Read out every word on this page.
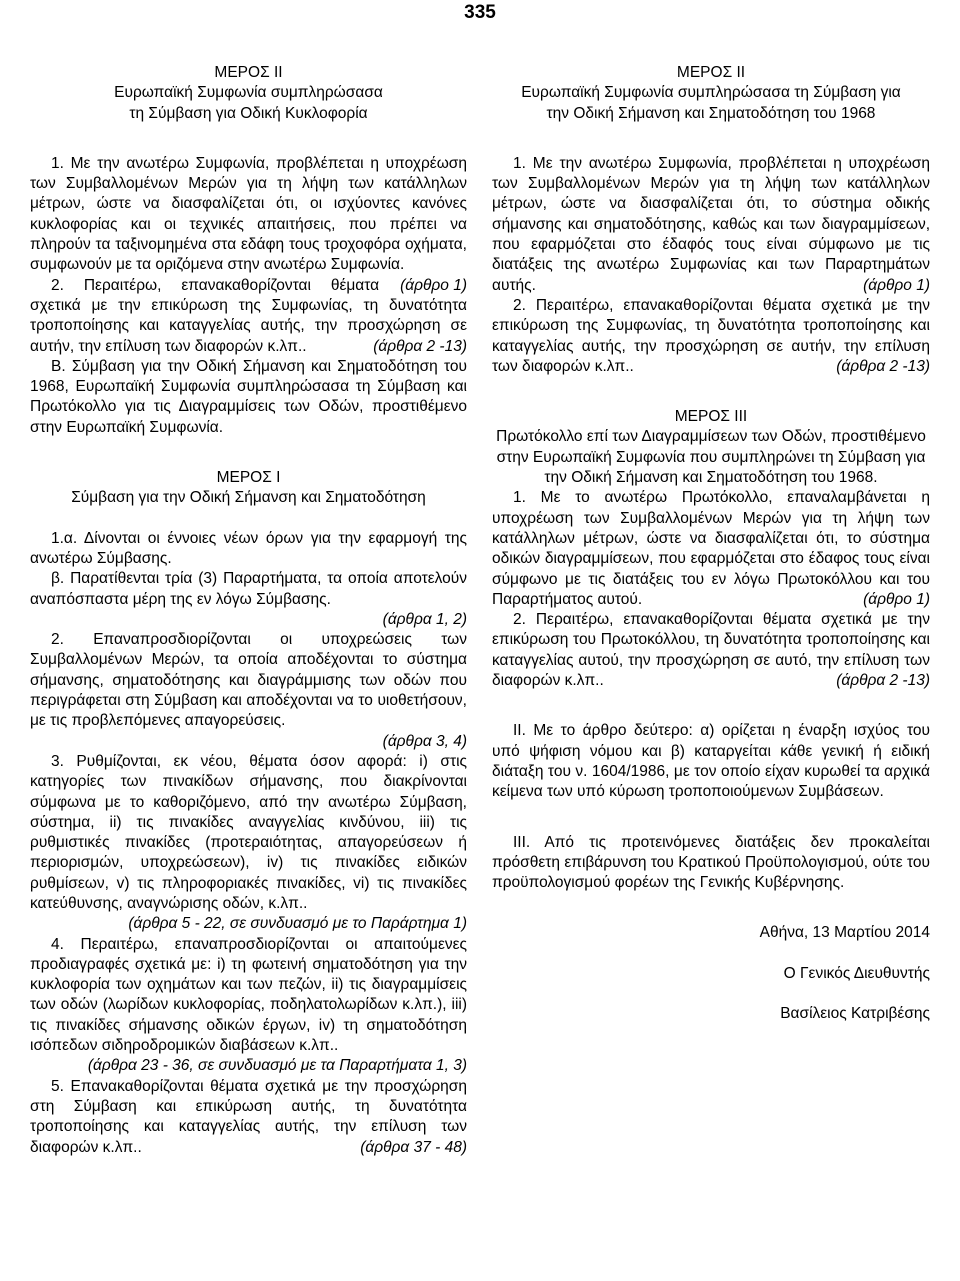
335
ΜΕΡΟΣ ΙΙ
Ευρωπαϊκή Συμφωνία συμπληρώσασα
τη Σύμβαση για Οδική Κυκλοφορία

1. Με την ανωτέρω Συμφωνία, προβλέπεται η υποχρέωση των Συμβαλλομένων Μερών για τη λήψη των κατάλληλων μέτρων, ώστε να διασφαλίζεται ότι, οι ισχύοντες κανόνες κυκλοφορίας και οι τεχνικές απαιτήσεις, που πρέπει να πληρούν τα ταξινομημένα στα εδάφη τους τροχοφόρα οχήματα, συμφωνούν με τα οριζόμενα στην ανωτέρω Συμφωνία.
(άρθρο 1)

2. Περαιτέρω, επανακαθορίζονται θέματα σχετικά με την επικύρωση της Συμφωνίας, τη δυνατότητα τροποποίησης και καταγγελίας αυτής, την προσχώρηση σε αυτήν, την επίλυση των διαφορών κ.λπ..	(άρθρα 2 -13)

Β. Σύμβαση για την Οδική Σήμανση και Σηματοδότηση του 1968, Ευρωπαϊκή Συμφωνία συμπληρώσασα τη Σύμβαση και Πρωτόκολλο για τις Διαγραμμίσεις των Οδών, προστιθέμενο στην Ευρωπαϊκή Συμφωνία.

ΜΕΡΟΣ Ι
Σύμβαση για την Οδική Σήμανση και Σηματοδότηση

1.α. Δίνονται οι έννοιες νέων όρων για την εφαρμογή της ανωτέρω Σύμβασης.

β. Παρατίθενται τρία (3) Παραρτήματα, τα οποία αποτελούν αναπόσπαστα μέρη της εν λόγω Σύμβασης.

(άρθρα 1, 2)

2. Επαναπροσδιορίζονται οι υποχρεώσεις των Συμβαλλομένων Μερών, τα οποία αποδέχονται το σύστημα σήμανσης, σηματοδότησης και διαγράμμισης των οδών που περιγράφεται στη Σύμβαση και αποδέχονται να το υιοθετήσουν, με τις προβλεπόμενες απαγορεύσεις.

(άρθρα 3, 4)

3. Ρυθμίζονται, εκ νέου, θέματα όσον αφορά: i) στις κατηγορίες των πινακίδων σήμανσης, που διακρίνονται σύμφωνα με το καθοριζόμενο, από την ανωτέρω Σύμβαση, σύστημα, ii) τις πινακίδες αναγγελίας κινδύνου, iii) τις ρυθμιστικές πινακίδες (προτεραιότητας, απαγορεύσεων ή περιορισμών, υποχρεώσεων), iv) τις πινακίδες ειδικών ρυθμίσεων, v) τις πληροφοριακές πινακίδες, vi) τις πινακίδες κατεύθυνσης, αναγνώρισης οδών, κ.λπ..

(άρθρα 5 - 22, σε συνδυασμό με το Παράρτημα 1)

4. Περαιτέρω, επαναπροσδιορίζονται οι απαιτούμενες προδιαγραφές σχετικά με: i) τη φωτεινή σηματοδότηση για την κυκλοφορία των οχημάτων και των πεζών, ii) τις διαγραμμίσεις των οδών (λωρίδων κυκλοφορίας, ποδηλατολωρίδων κ.λπ.), iii) τις πινακίδες σήμανσης οδικών έργων, iv) τη σηματοδότηση ισόπεδων σιδηροδρομικών διαβάσεων κ.λπ..

(άρθρα 23 - 36, σε συνδυασμό με τα Παραρτήματα 1, 3)

5. Επανακαθορίζονται θέματα σχετικά με την προσχώρηση στη Σύμβαση και επικύρωση αυτής, τη δυνατότητα τροποποίησης και καταγγελίας αυτής, την επίλυση των διαφορών κ.λπ..	(άρθρα 37 - 48)

ΜΕΡΟΣ ΙΙ
Ευρωπαϊκή Συμφωνία συμπληρώσασα τη Σύμβαση για
την Οδική Σήμανση και Σηματοδότηση του 1968

1. Με την ανωτέρω Συμφωνία, προβλέπεται η υποχρέωση των Συμβαλλομένων Μερών για τη λήψη των κατάλληλων μέτρων, ώστε να διασφαλίζεται ότι, το σύστημα οδικής σήμανσης και σηματοδότησης, καθώς και των διαγραμμίσεων, που εφαρμόζεται στο έδαφός τους είναι σύμφωνο με τις διατάξεις της ανωτέρω Συμφωνίας και των Παραρτημάτων αυτής.	(άρθρο 1)

2. Περαιτέρω, επανακαθορίζονται θέματα σχετικά με την επικύρωση της Συμφωνίας, τη δυνατότητα τροποποίησης και καταγγελίας αυτής, την προσχώρηση σε αυτήν, την επίλυση των διαφορών κ.λπ..	(άρθρα 2 -13)

ΜΕΡΟΣ ΙΙΙ

Πρωτόκολλο επί των Διαγραμμίσεων των Οδών, προστιθέμενο στην Ευρωπαϊκή Συμφωνία που συμπληρώνει τη Σύμβαση για την Οδική Σήμανση και Σηματοδότηση του 1968.

1. Με το ανωτέρω Πρωτόκολλο, επαναλαμβάνεται η υποχρέωση των Συμβαλλομένων Μερών για τη λήψη των κατάλληλων μέτρων, ώστε να διασφαλίζεται ότι, το σύστημα οδικών διαγραμμίσεων, που εφαρμόζεται στο έδαφος τους είναι σύμφωνο με τις διατάξεις του εν λόγω Πρωτοκόλλου και του Παραρτήματος αυτού.	(άρθρο 1)

2. Περαιτέρω, επανακαθορίζονται θέματα σχετικά με την επικύρωση του Πρωτοκόλλου, τη δυνατότητα τροποποίησης και καταγγελίας αυτού, την προσχώρηση σε αυτό, την επίλυση των διαφορών κ.λπ..	(άρθρα 2 -13)

ΙΙ. Με το άρθρο δεύτερο: α) ορίζεται η έναρξη ισχύος του υπό ψήφιση νόμου και β) καταργείται κάθε γενική ή ειδική διάταξη του ν. 1604/1986, με τον οποίο είχαν κυρωθεί τα αρχικά κείμενα των υπό κύρωση τροποποιούμενων Συμβάσεων.

ΙΙΙ. Από τις προτεινόμενες διατάξεις δεν προκαλείται πρόσθετη επιβάρυνση του Κρατικού Προϋπολογισμού, ούτε του προϋπολογισμού φορέων της Γενικής Κυβέρνησης.

Αθήνα, 13 Μαρτίου 2014
Ο Γενικός Διευθυντής
Βασίλειος Κατριβέσης
